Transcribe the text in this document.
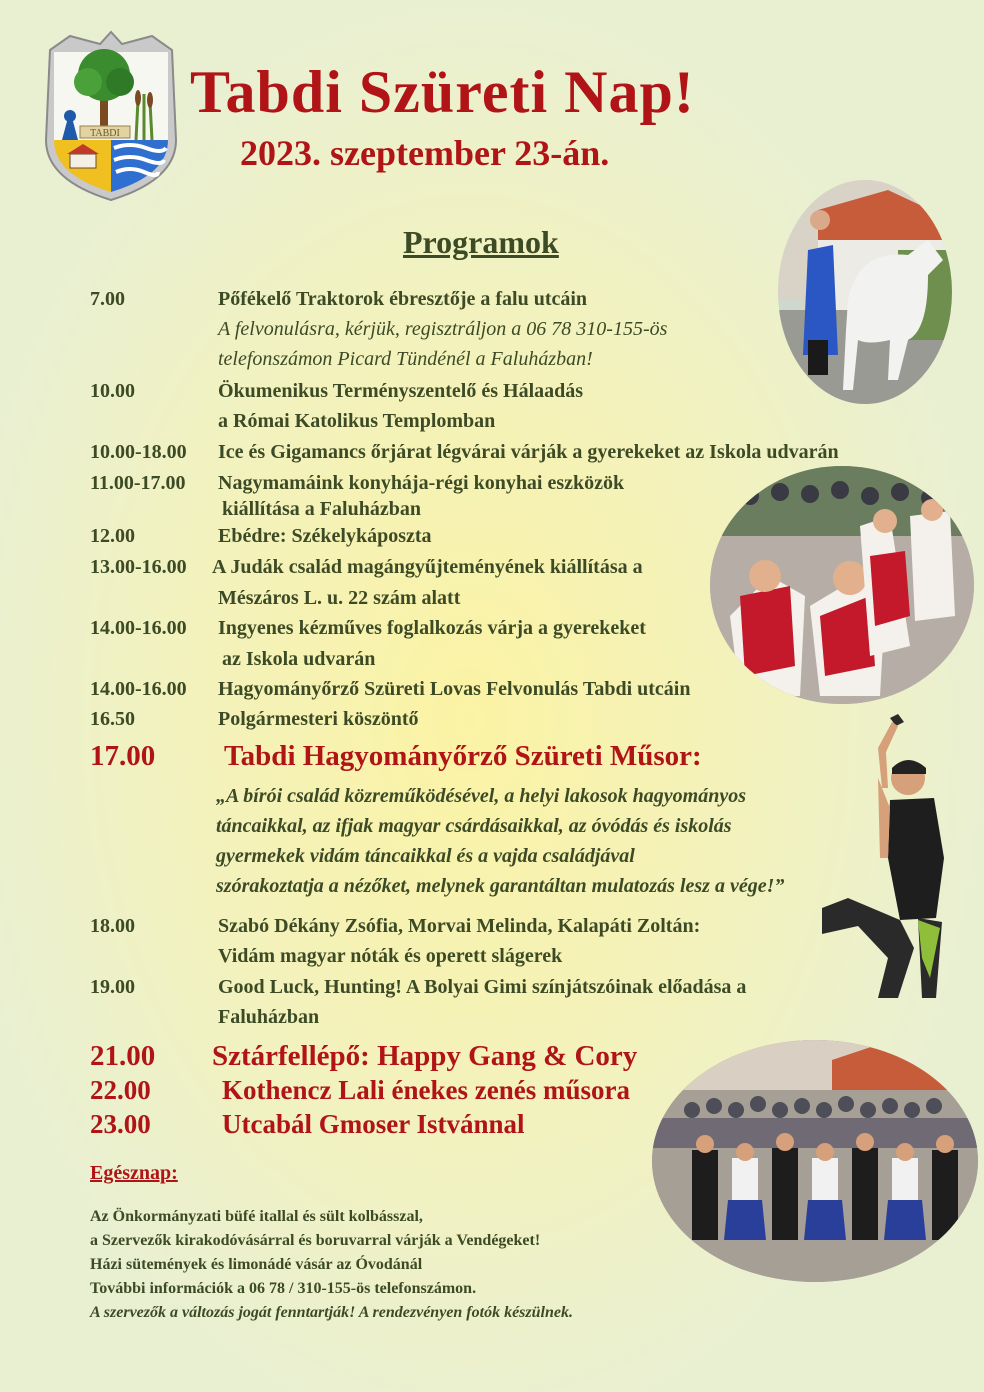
TABDI
Tabdi Szüreti Nap!
2023. szeptember 23-án.
Programok
7.00	Pőfékelő Traktorok ébresztője a falu utcáin
A felvonulásra, kérjük, regisztráljon a 06 78 310-155-ös
telefonszámon Picard Tündénél a Faluházban!
10.00	Ökumenikus Terményszentelő és Hálaadás
a Római Katolikus Templomban
10.00-18.00 Ice és Gigamancs őrjárat légvárai várják a gyerekeket az Iskola udvarán
11.00-17.00 Nagymamáink konyhája-régi konyhai eszközök
kiállítása a Faluházban
12.00	Ebédre: Székelykáposzta
13.00-16.00 A Judák család magángyűjteményének kiállítása a
Mészáros L. u. 22 szám alatt
14.00-16.00 Ingyenes kézműves foglalkozás várja a gyerekeket
az Iskola udvarán
14.00-16.00 Hagyományőrző Szüreti Lovas Felvonulás Tabdi utcáin
16.50	Polgármesteri köszöntő
17.00 Tabdi Hagyományőrző Szüreti Műsor:
„A bírói család közreműködésével, a helyi lakosok hagyományos
táncaikkal, az ifjak magyar csárdásaikkal, az óvódás és iskolás
gyermekek vidám táncaikkal és a vajda családjával
szórakoztatja a nézőket, melynek garantáltan mulatozás lesz a vége!”
18.00	Szabó Dékány Zsófia, Morvai Melinda, Kalapáti Zoltán:
Vidám magyar nóták és operett slágerek
19.00	Good Luck, Hunting! A Bolyai Gimi színjátszóinak előadása a
Faluházban
21.00 Sztárfellépő: Happy Gang & Cory
22.00	Kothencz Lali énekes zenés műsora
23.00	Utcabál Gmoser Istvánnal
Egésznap:
Az Önkormányzati büfé itallal és sült kolbásszal,
a Szervezők kirakodóvásárral és boruvarral várják a Vendégeket!
Házi sütemények és limonádé vásár az Óvodánál
További információk a 06 78 / 310-155-ös telefonszámon.
A szervezők a változás jogát fenntartják! A rendezvényen fotók készülnek.
